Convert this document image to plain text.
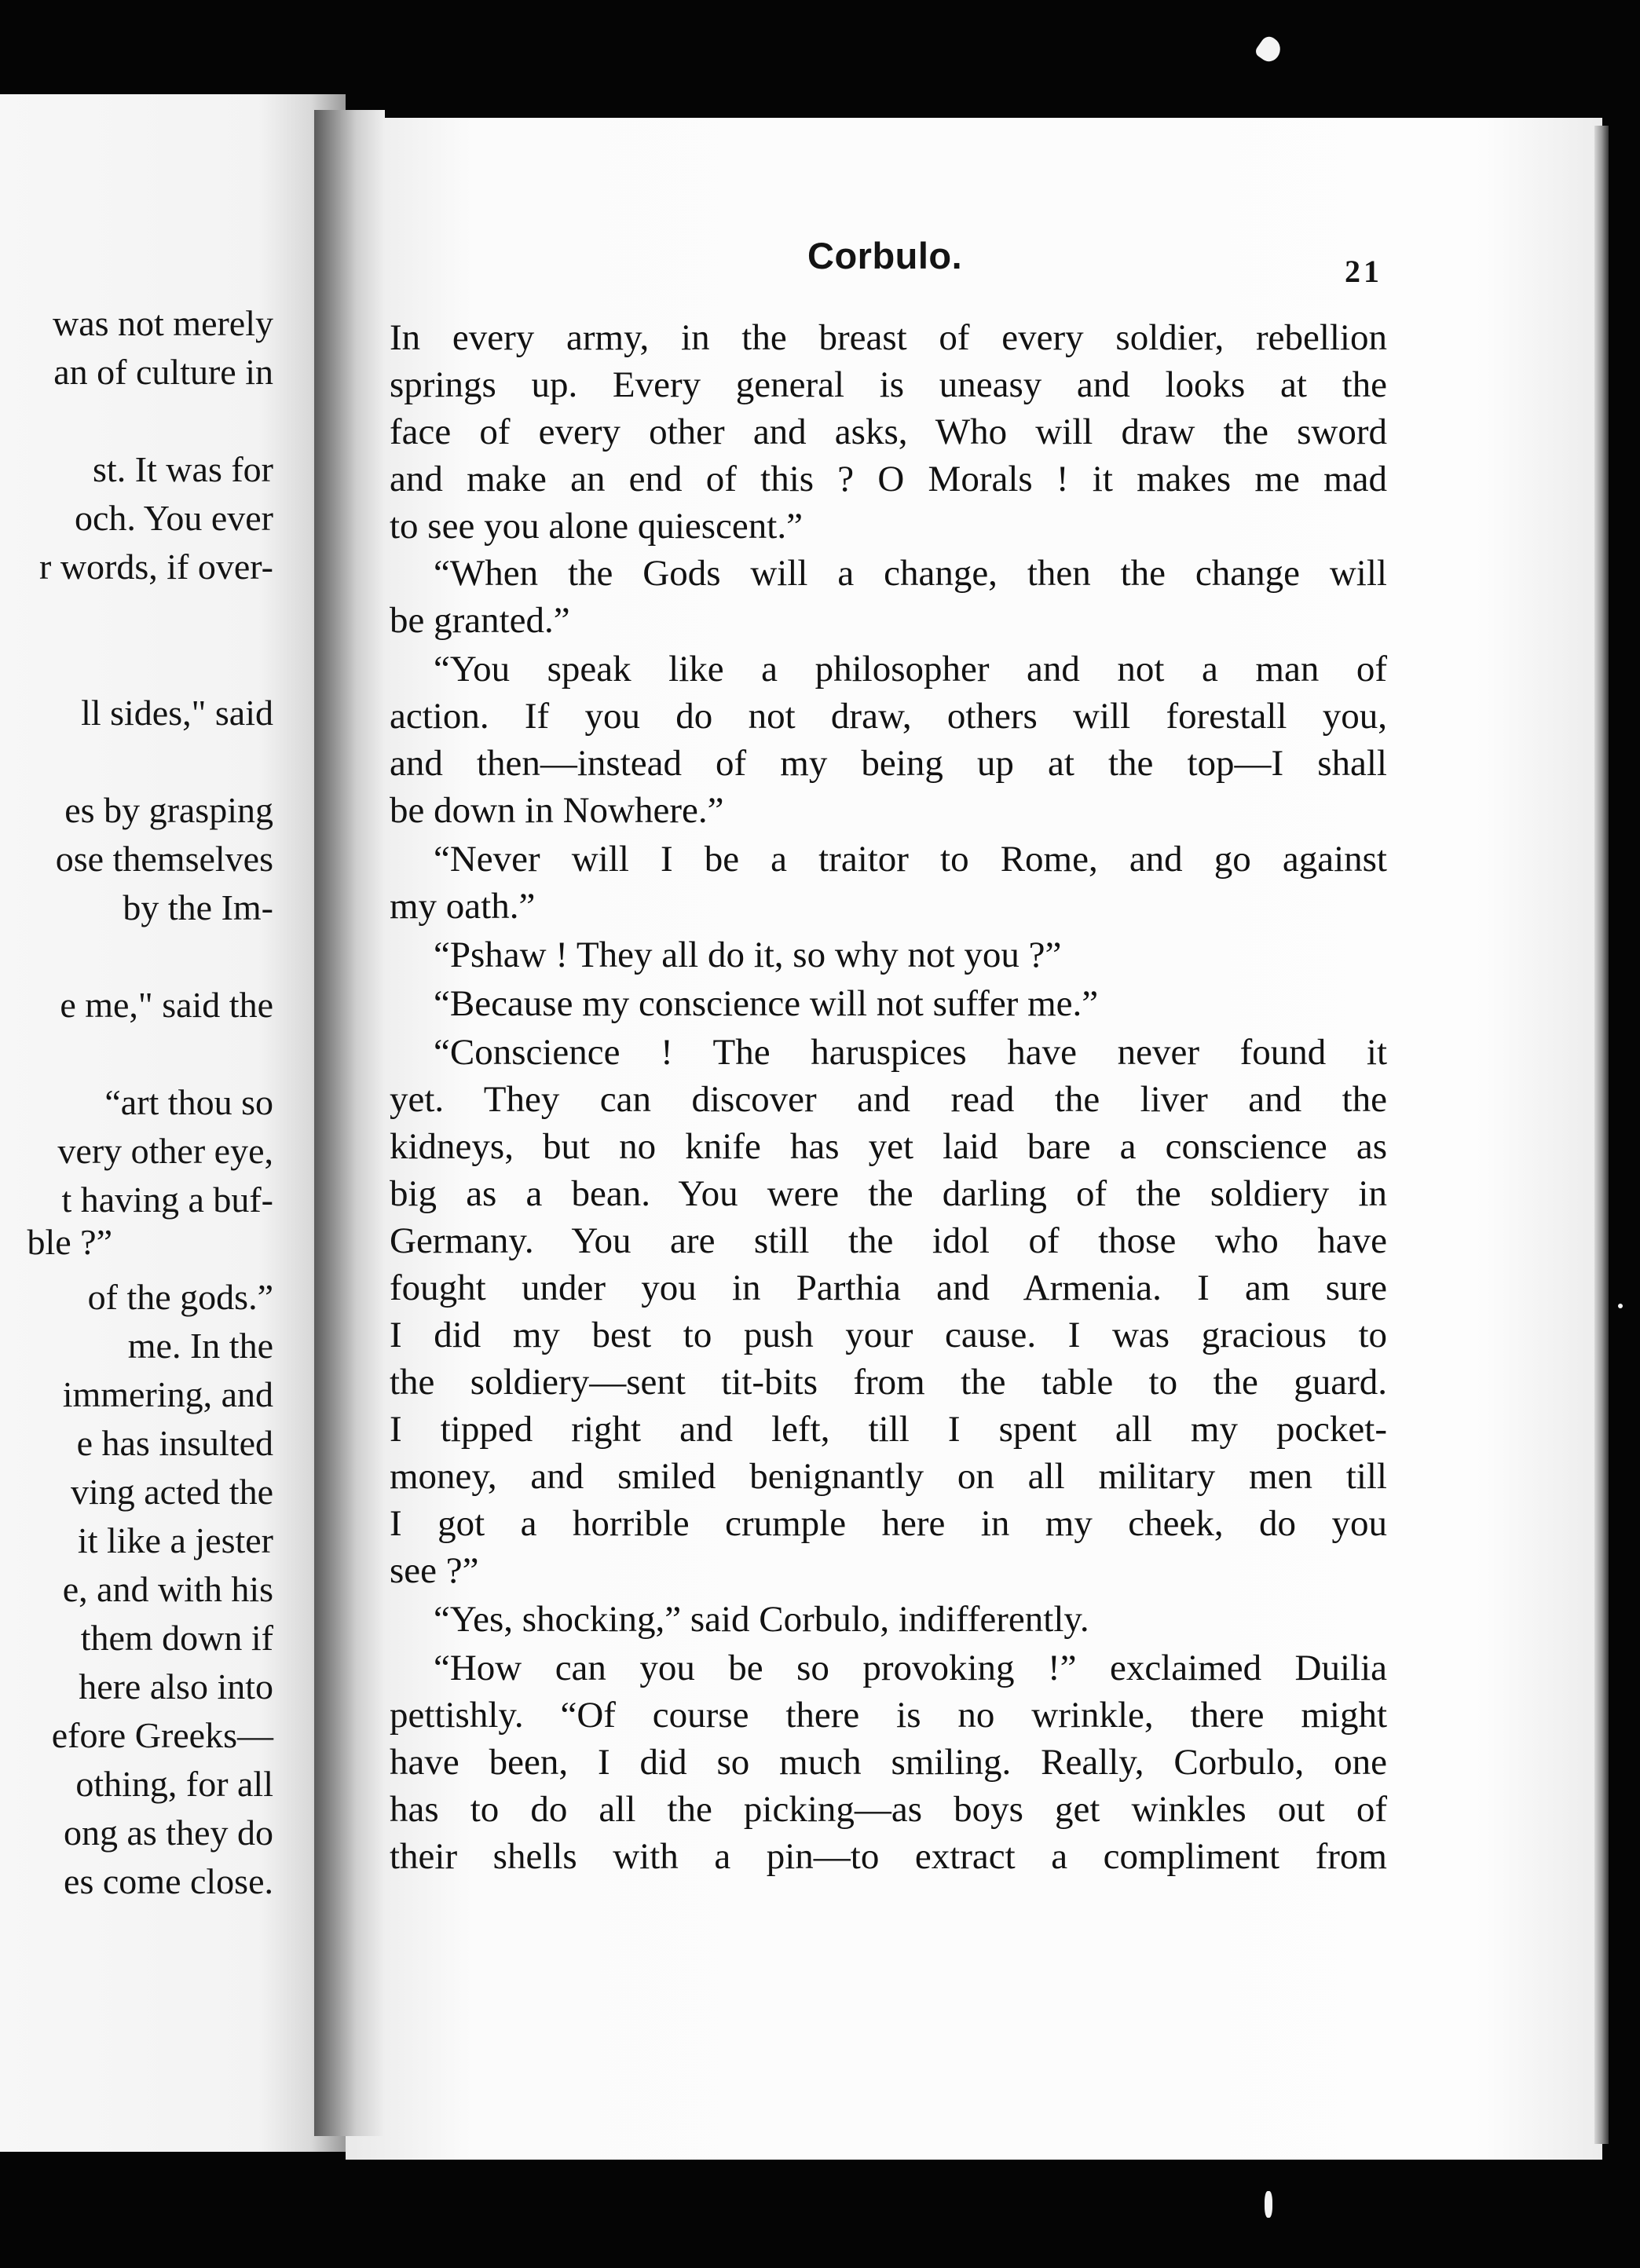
was not merely
an of culture in
st. It was for
och. You ever
r words, if over-
ll sides," said
es by grasping
ose themselves
by the Im-
e me," said the
“art thou so
very other eye,
t having a buf-
ble ?”
of the gods.”
me. In the
immering, and
e has insulted
ving acted the
it like a jester
e, and with his
them down if
here also into
efore Greeks—
othing, for all
ong as they do
es come close.
Corbulo.	21
In every army, in the breast of every soldier, rebellion
springs up. Every general is uneasy and looks at the
face of every other and asks, Who will draw the sword
and make an end of this ? O Morals ! it makes me mad
to see you alone quiescent.”
“When the Gods will a change, then the change will
be granted.”
“You speak like a philosopher and not a man of
action. If you do not draw, others will forestall you,
and then—instead of my being up at the top—I shall
be down in Nowhere.”
“Never will I be a traitor to Rome, and go against
my oath.”
“Pshaw ! They all do it, so why not you ?”
“Because my conscience will not suffer me.”
“Conscience ! The haruspices have never found it
yet. They can discover and read the liver and the
kidneys, but no knife has yet laid bare a conscience as
big as a bean. You were the darling of the soldiery in
Germany. You are still the idol of those who have
fought under you in Parthia and Armenia. I am sure
I did my best to push your cause. I was gracious to
the soldiery—sent tit-bits from the table to the guard.
I tipped right and left, till I spent all my pocket-
money, and smiled benignantly on all military men till
I got a horrible crumple here in my cheek, do you
see ?”
“Yes, shocking,” said Corbulo, indifferently.
“How can you be so provoking !” exclaimed Duilia
pettishly. “Of course there is no wrinkle, there might
have been, I did so much smiling. Really, Corbulo, one
has to do all the picking—as boys get winkles out of
their shells with a pin—to extract a compliment from
